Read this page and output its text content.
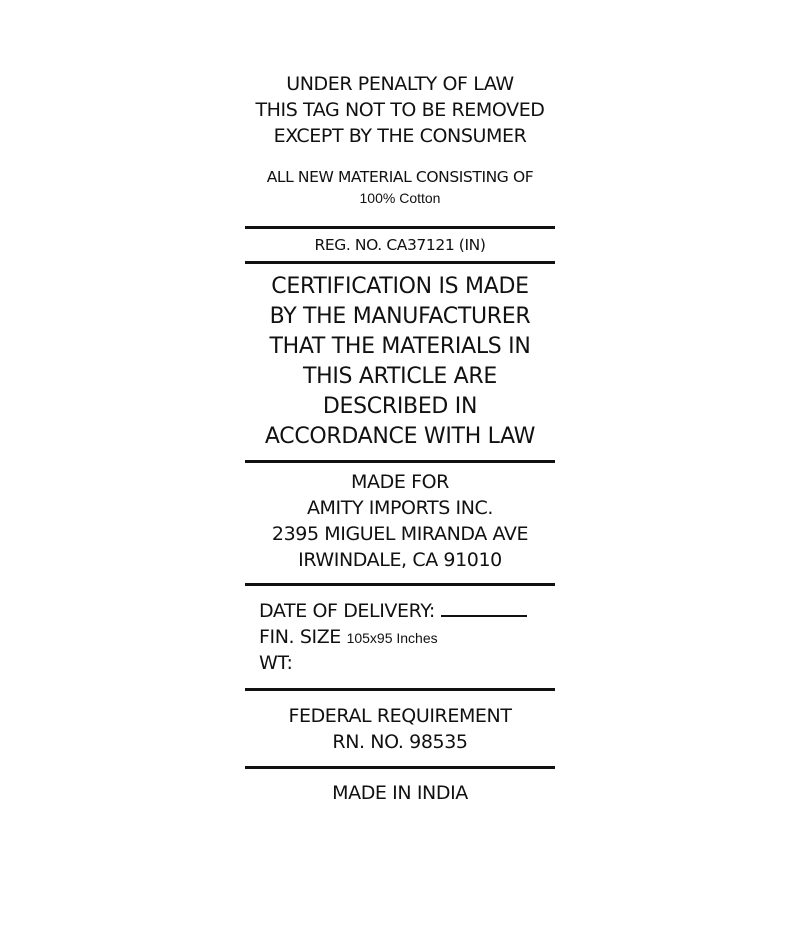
UNDER PENALTY OF LAW
THIS TAG NOT TO BE REMOVED
EXCEPT BY THE CONSUMER
ALL NEW MATERIAL CONSISTING OF
100% Cotton
REG. NO. CA37121 (IN)
CERTIFICATION IS MADE
BY THE MANUFACTURER
THAT THE MATERIALS IN
THIS ARTICLE ARE
DESCRIBED IN
ACCORDANCE WITH LAW
MADE FOR
AMITY IMPORTS INC.
2395 MIGUEL MIRANDA AVE
IRWINDALE, CA 91010
DATE OF DELIVERY:
FIN. SIZE 105x95 Inches
WT:
FEDERAL REQUIREMENT
RN. NO. 98535
MADE IN INDIA
